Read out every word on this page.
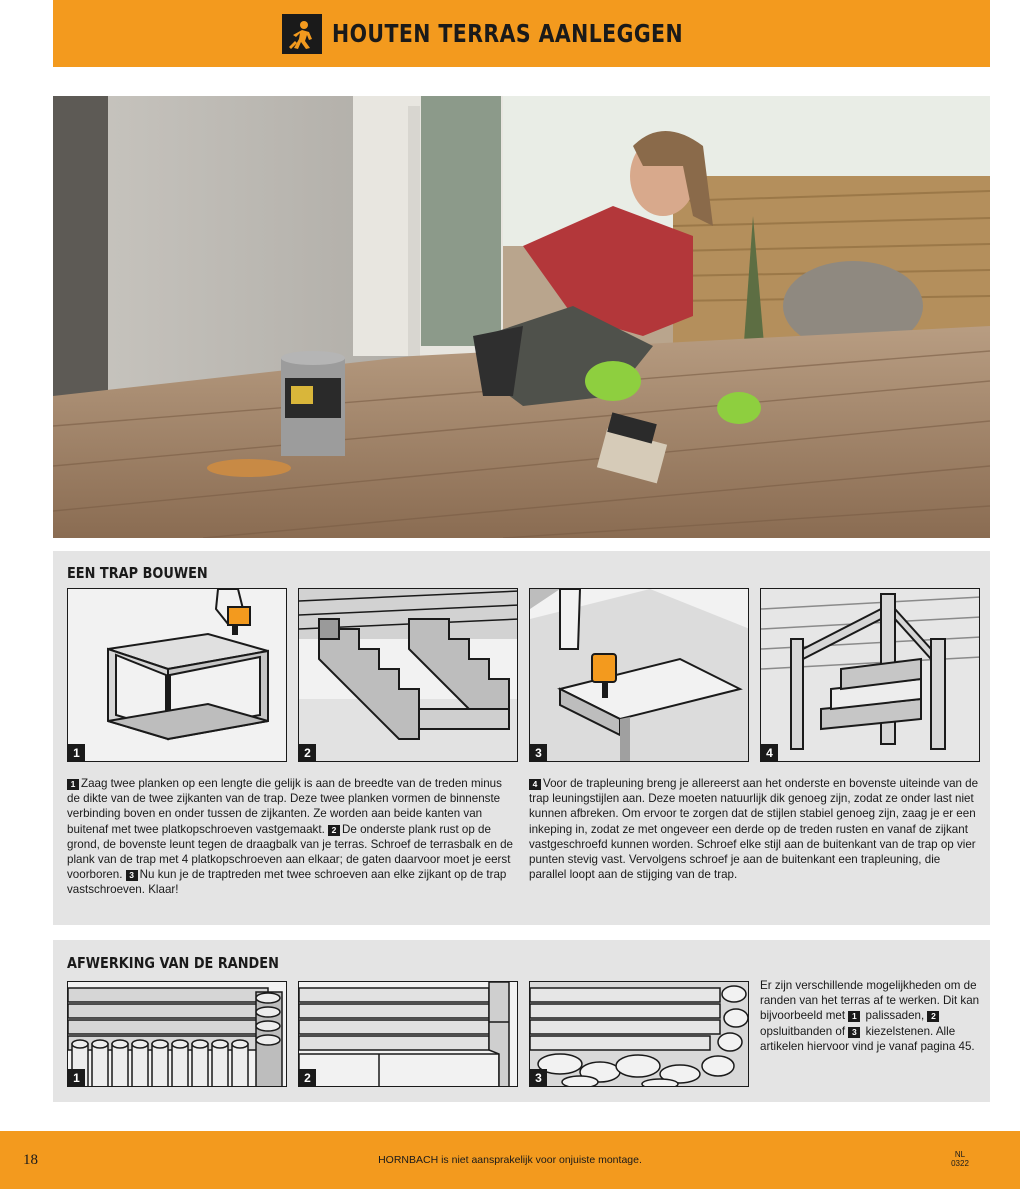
HOUTEN TERRAS AANLEGGEN
EEN TRAP BOUWEN
1	2	3	4
1 Zaag twee planken op een lengte die gelijk is aan de breedte van de treden minus de dikte van de twee zijkanten van de trap. Deze twee planken vormen de binnenste verbinding boven en onder tussen de zijkanten. Ze worden aan beide kanten van buitenaf met twee platkopschroeven vastgemaakt. 2 De onderste plank rust op de grond, de bovenste leunt tegen de draagbalk van je terras. Schroef de terrasbalk en de plank van de trap met 4 platkopschroeven aan elkaar; de gaten daarvoor moet je eerst voorboren. 3 Nu kun je de traptreden met twee schroeven aan elke zijkant op de trap vastschroeven. Klaar!
4 Voor de trapleuning breng je allereerst aan het onderste en bovenste uiteinde van de trap leuningstijlen aan. Deze moeten natuurlijk dik genoeg zijn, zodat ze onder last niet kunnen afbreken. Om ervoor te zorgen dat de stijlen stabiel genoeg zijn, zaag je er een inkeping in, zodat ze met ongeveer een derde op de treden rusten en vanaf de zijkant vastgeschroefd kunnen worden. Schroef elke stijl aan de buitenkant van de trap op vier punten stevig vast. Vervolgens schroef je aan de buitenkant een trapleuning, die parallel loopt aan de stijging van de trap.
AFWERKING VAN DE RANDEN
1	2	3
Er zijn verschillende mogelijkheden om de randen van het terras af te werken. Dit kan bijvoorbeeld met 1 palissaden, 2 opsluitbanden of 3 kiezelstenen. Alle artikelen hiervoor vind je vanaf pagina 45.
18	HORNBACH is niet aansprakelijk voor onjuiste montage.	NL
0322
